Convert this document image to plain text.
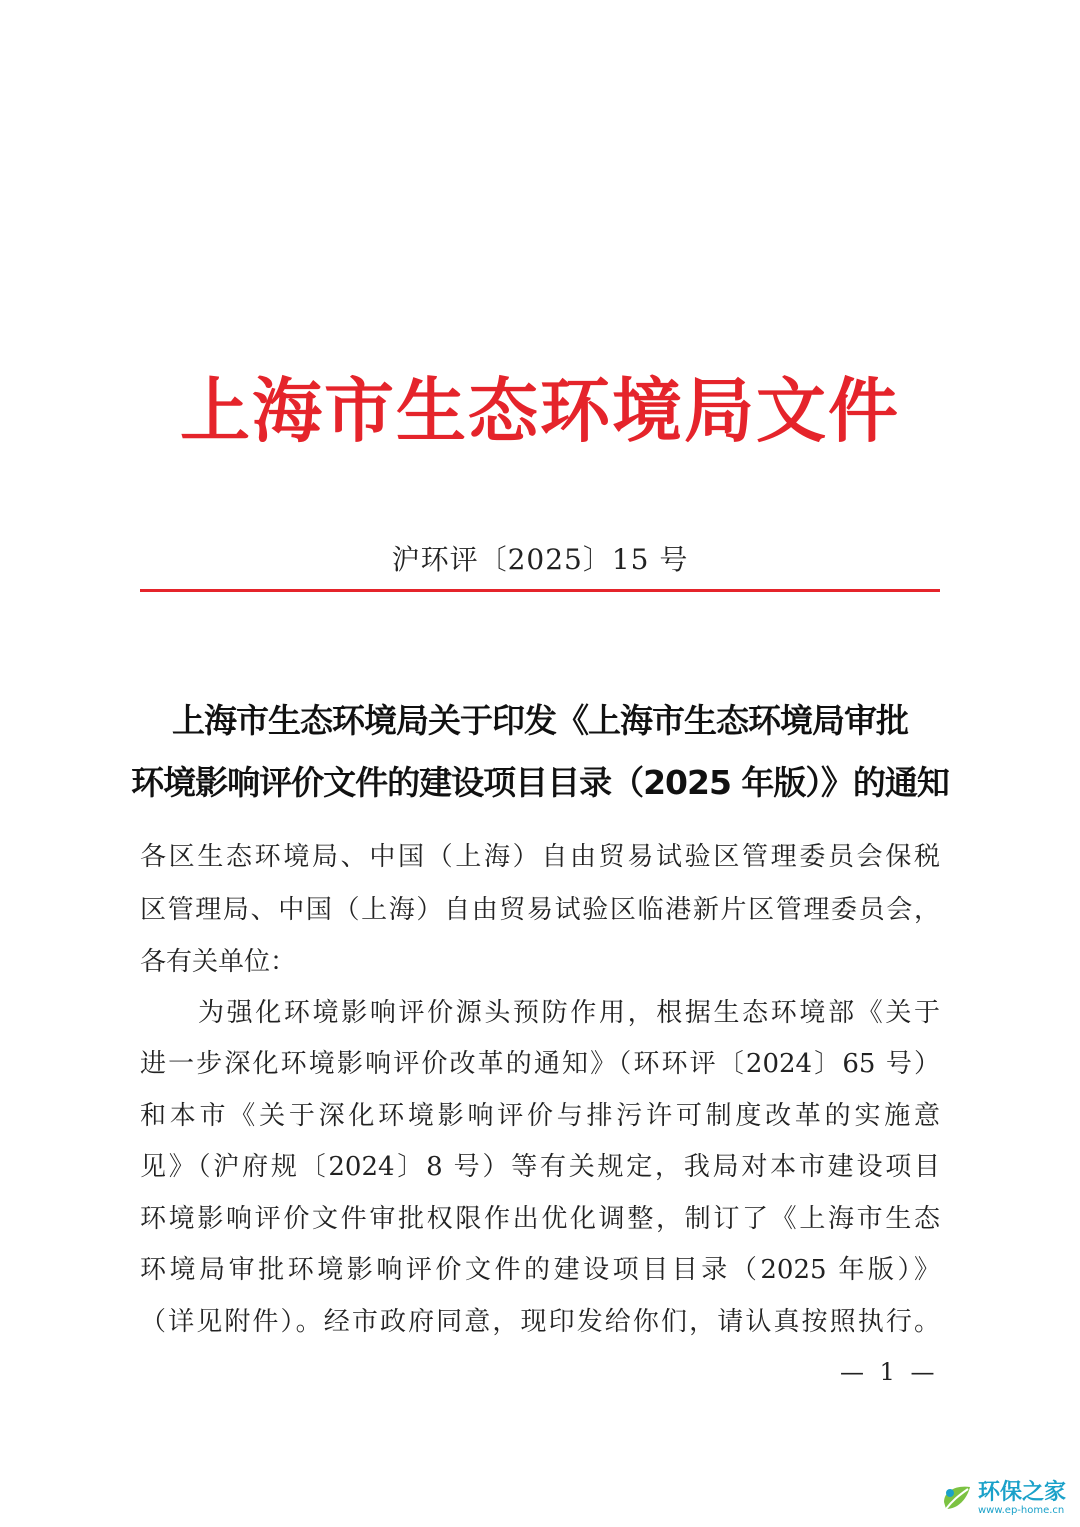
上海市生态环境局文件
沪环评〔2025〕15 号
上海市生态环境局关于印发《上海市生态环境局审批
环境影响评价文件的建设项目目录（2025 年版）》的通知
各区生态环境局、中国（上海）自由贸易试验区管理委员会保税
区管理局、中国（上海）自由贸易试验区临港新片区管理委员会，
各有关单位：
为强化环境影响评价源头预防作用，根据生态环境部《关于
进一步深化环境影响评价改革的通知》（环环评〔2024〕65 号）
和本市《关于深化环境影响评价与排污许可制度改革的实施意
见》（沪府规〔2024〕8 号）等有关规定，我局对本市建设项目
环境影响评价文件审批权限作出优化调整，制订了《上海市生态
环境局审批环境影响评价文件的建设项目目录（2025 年版）》
（详见附件）。经市政府同意，现印发给你们，请认真按照执行。
— 1 —
环保之家
www.ep-home.cn
